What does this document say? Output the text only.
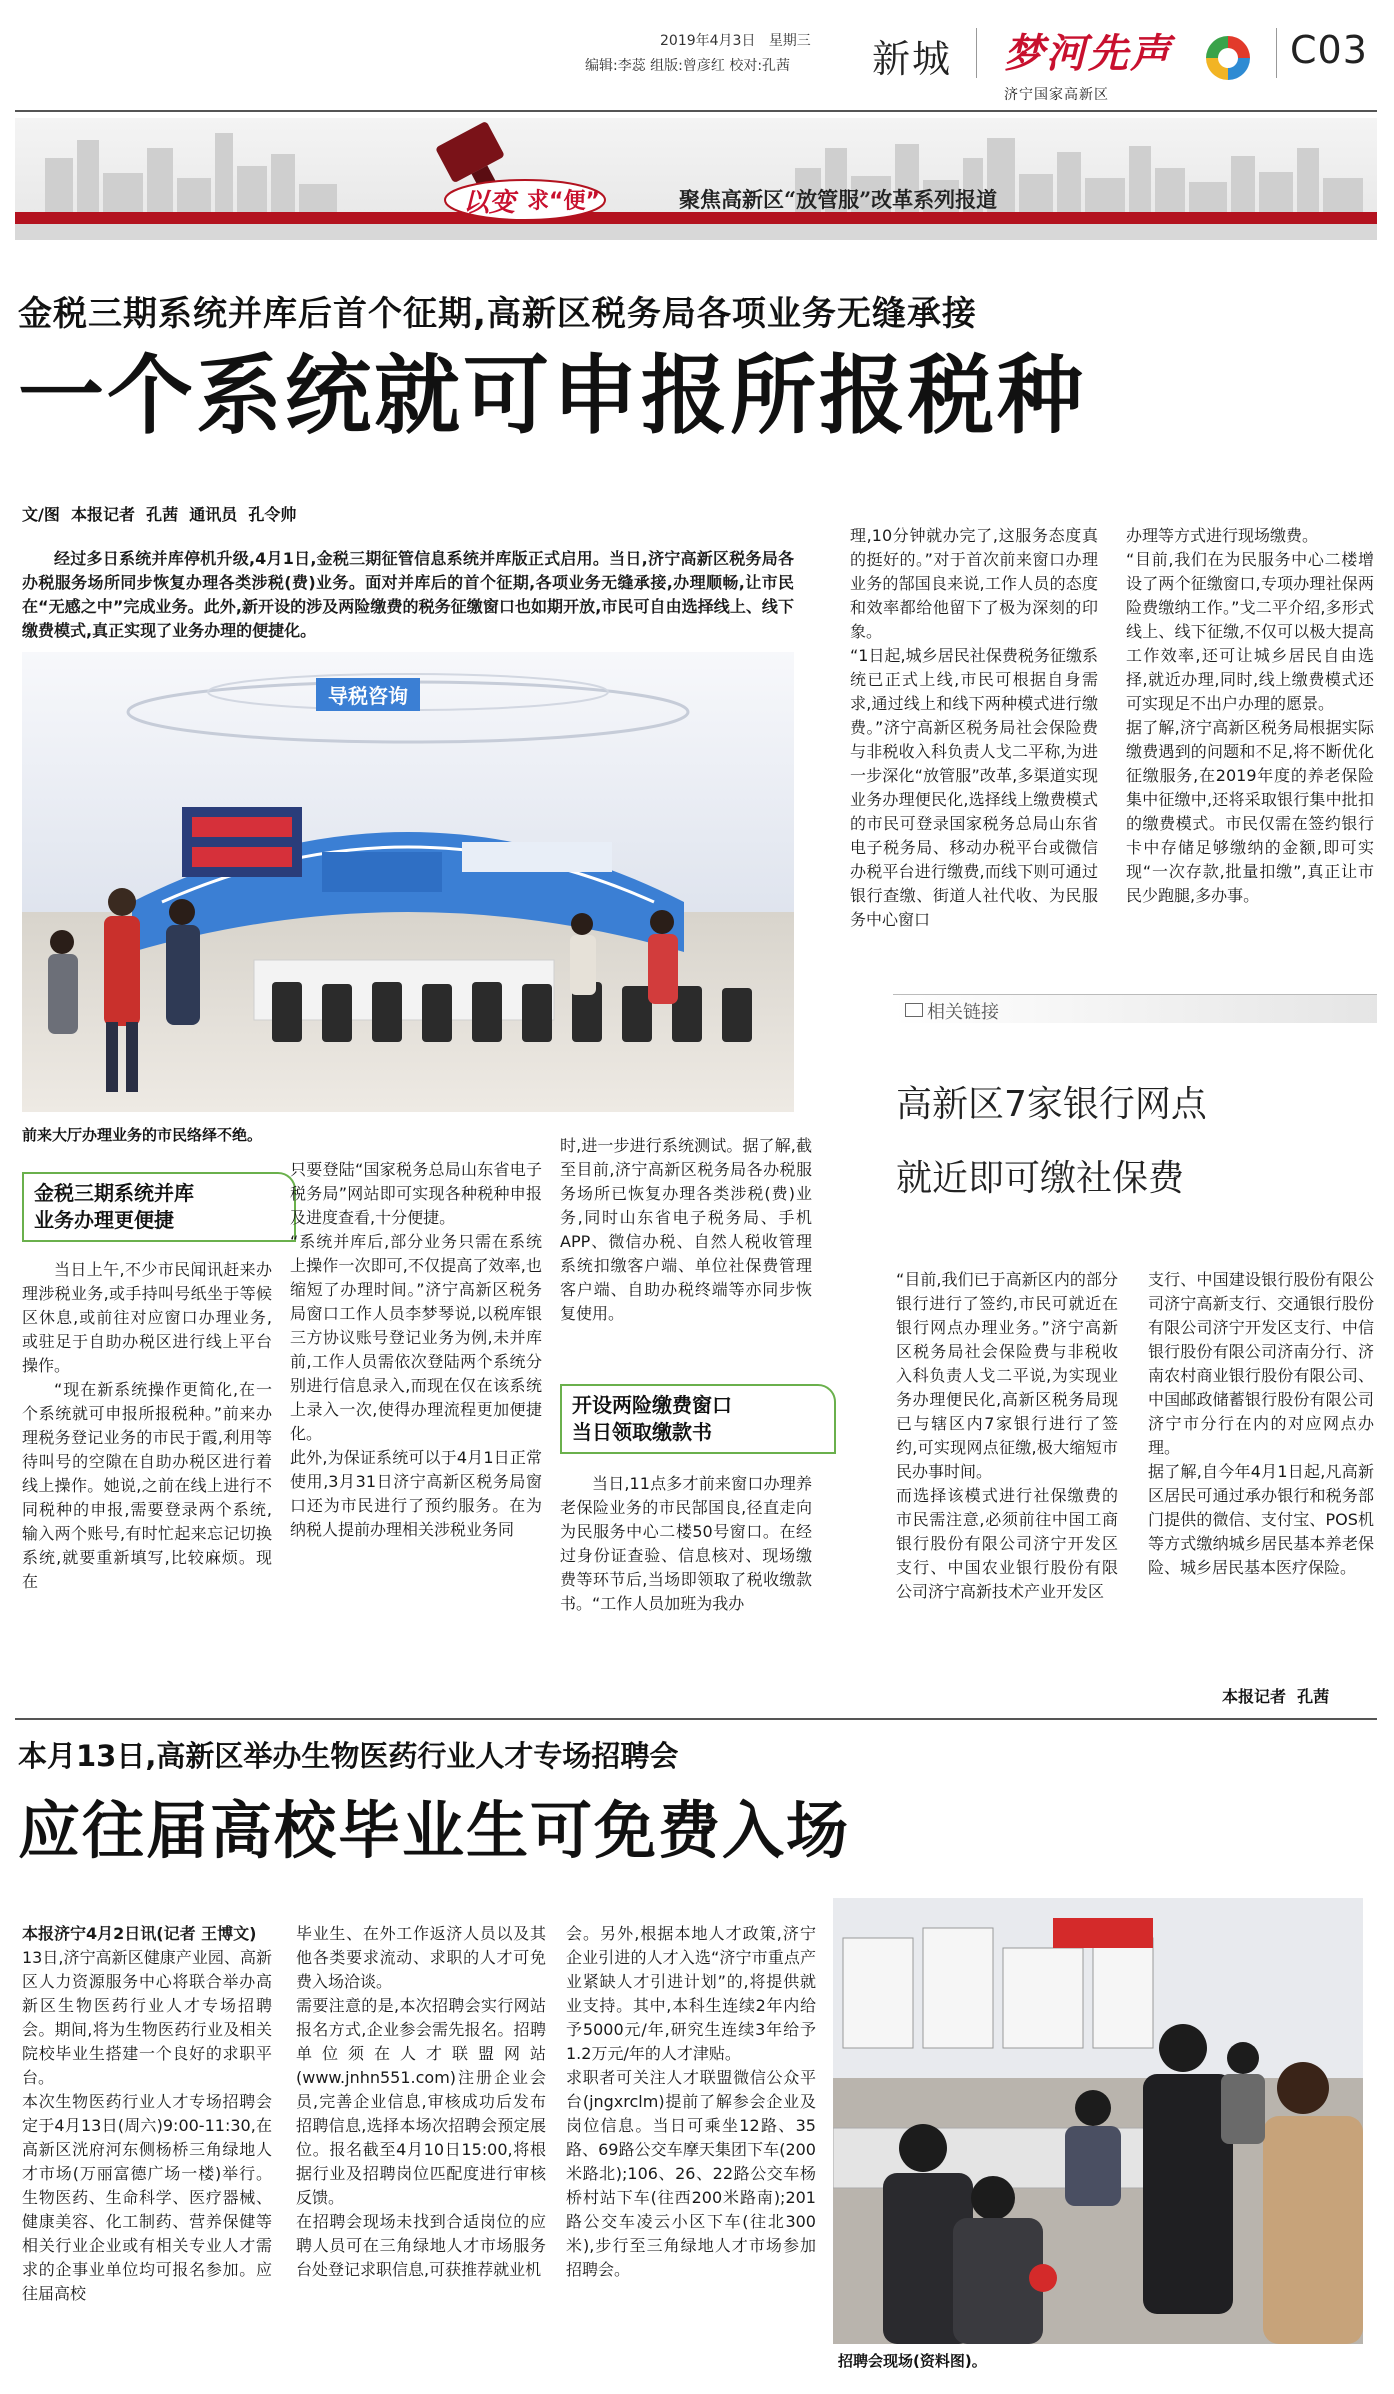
2019年4月3日 星期三
编辑:李蕊 组版:曾彦红 校对:孔茜 新城 梦河先声
济宁国家高新区
C03
以变 求“便”	聚焦高新区“放管服”改革系列报道
金税三期系统并库后首个征期,高新区税务局各项业务无缝承接
一个系统就可申报所报税种
文/图  本报记者  孔茜  通讯员  孔令帅

经过多日系统并库停机升级,4月1日,金税三期征管信息系统并库版正式启用。当日,济宁高新区税务局各办税服务场所同步恢复办理各类涉税(费)业务。面对并库后的首个征期,各项业务无缝承接,办理顺畅,让市民在“无感之中”完成业务。此外,新开设的涉及两险缴费的税务征缴窗口也如期开放,市民可自由选择线上、线下缴费模式,真正实现了业务办理的便捷化。

导税咨询
前来大厅办理业务的市民络绎不绝。
金税三期系统并库
业务办理更便捷
开设两险缴费窗口
当日领取缴款书

当日上午,不少市民闻讯赶来办理涉税业务,或手持叫号纸坐于等候区休息,或前往对应窗口办理业务,或驻足于自助办税区进行线上平台操作。

“现在新系统操作更简化,在一个系统就可申报所报税种。”前来办理税务登记业务的市民于霞,利用等待叫号的空隙在自助办税区进行着线上操作。她说,之前在线上进行不同税种的申报,需要登录两个系统,输入两个账号,有时忙起来忘记切换系统,就要重新填写,比较麻烦。现在

只要登陆“国家税务总局山东省电子税务局”网站即可实现各种税种申报及进度查看,十分便捷。
“系统并库后,部分业务只需在系统上操作一次即可,不仅提高了效率,也缩短了办理时间。”济宁高新区税务局窗口工作人员李梦琴说,以税库银三方协议账号登记业务为例,未并库前,工作人员需依次登陆两个系统分别进行信息录入,而现在仅在该系统上录入一次,使得办理流程更加便捷化。
此外,为保证系统可以于4月1日正常使用,3月31日济宁高新区税务局窗口还为市民进行了预约服务。在为纳税人提前办理相关涉税业务同

时,进一步进行系统测试。据了解,截至目前,济宁高新区税务局各办税服务场所已恢复办理各类涉税(费)业务,同时山东省电子税务局、手机APP、微信办税、自然人税收管理系统扣缴客户端、单位社保费管理客户端、自助办税终端等亦同步恢复使用。

当日,11点多才前来窗口办理养老保险业务的市民郜国良,径直走向为民服务中心二楼50号窗口。在经过身份证查验、信息核对、现场缴费等环节后,当场即领取了税收缴款书。“工作人员加班为我办

理,10分钟就办完了,这服务态度真的挺好的。”对于首次前来窗口办理业务的郜国良来说,工作人员的态度和效率都给他留下了极为深刻的印象。
“1日起,城乡居民社保费税务征缴系统已正式上线,市民可根据自身需求,通过线上和线下两种模式进行缴费。”济宁高新区税务局社会保险费与非税收入科负责人戈二平称,为进一步深化“放管服”改革,多渠道实现业务办理便民化,选择线上缴费模式的市民可登录国家税务总局山东省电子税务局、移动办税平台或微信办税平台进行缴费,而线下则可通过银行查缴、街道人社代收、为民服务中心窗口

办理等方式进行现场缴费。
“目前,我们在为民服务中心二楼增设了两个征缴窗口,专项办理社保两险费缴纳工作。”戈二平介绍,多形式线上、线下征缴,不仅可以极大提高工作效率,还可让城乡居民自由选择,就近办理,同时,线上缴费模式还可实现足不出户办理的愿景。
据了解,济宁高新区税务局根据实际缴费遇到的问题和不足,将不断优化征缴服务,在2019年度的养老保险集中征缴中,还将采取银行集中批扣的缴费模式。市民仅需在签约银行卡中存储足够缴纳的金额,即可实现“一次存款,批量扣缴”,真正让市民少跑腿,多办事。

相关链接
高新区7家银行网点
就近即可缴社保费

“目前,我们已于高新区内的部分银行进行了签约,市民可就近在银行网点办理业务。”济宁高新区税务局社会保险费与非税收入科负责人戈二平说,为实现业务办理便民化,高新区税务局现已与辖区内7家银行进行了签约,可实现网点征缴,极大缩短市民办事时间。
而选择该模式进行社保缴费的市民需注意,必须前往中国工商银行股份有限公司济宁开发区支行、中国农业银行股份有限公司济宁高新技术产业开发区

支行、中国建设银行股份有限公司济宁高新支行、交通银行股份有限公司济宁开发区支行、中信银行股份有限公司济南分行、济南农村商业银行股份有限公司、中国邮政储蓄银行股份有限公司济宁市分行在内的对应网点办理。
据了解,自今年4月1日起,凡高新区居民可通过承办银行和税务部门提供的微信、支付宝、POS机等方式缴纳城乡居民基本养老保险、城乡居民基本医疗保险。

本报记者  孔茜
本月13日,高新区举办生物医药行业人才专场招聘会
应往届高校毕业生可免费入场

本报济宁4月2日讯(记者 王博文)
13日,济宁高新区健康产业园、高新区人力资源服务中心将联合举办高新区生物医药行业人才专场招聘会。期间,将为生物医药行业及相关院校毕业生搭建一个良好的求职平台。
本次生物医药行业人才专场招聘会定于4月13日(周六)9:00-11:30,在高新区洸府河东侧杨桥三角绿地人才市场(万丽富德广场一楼)举行。生物医药、生命科学、医疗器械、健康美容、化工制药、营养保健等相关行业企业或有相关专业人才需求的企事业单位均可报名参加。应往届高校

毕业生、在外工作返济人员以及其他各类要求流动、求职的人才可免费入场洽谈。
需要注意的是,本次招聘会实行网站报名方式,企业参会需先报名。招聘单位须在人才联盟网站(www.jnhn551.com)注册企业会员,完善企业信息,审核成功后发布招聘信息,选择本场次招聘会预定展位。报名截至4月10日15:00,将根据行业及招聘岗位匹配度进行审核反馈。
在招聘会现场未找到合适岗位的应聘人员可在三角绿地人才市场服务台处登记求职信息,可获推荐就业机

会。另外,根据本地人才政策,济宁企业引进的人才入选“济宁市重点产业紧缺人才引进计划”的,将提供就业支持。其中,本科生连续2年内给予5000元/年,研究生连续3年给予1.2万元/年的人才津贴。
求职者可关注人才联盟微信公众平台(jngxrclm)提前了解参会企业及岗位信息。当日可乘坐12路、35路、69路公交车摩天集团下车(200米路北);106、26、22路公交车杨桥村站下车(往西200米路南);201路公交车凌云小区下车(往北300米),步行至三角绿地人才市场参加招聘会。

招聘会现场(资料图)。
